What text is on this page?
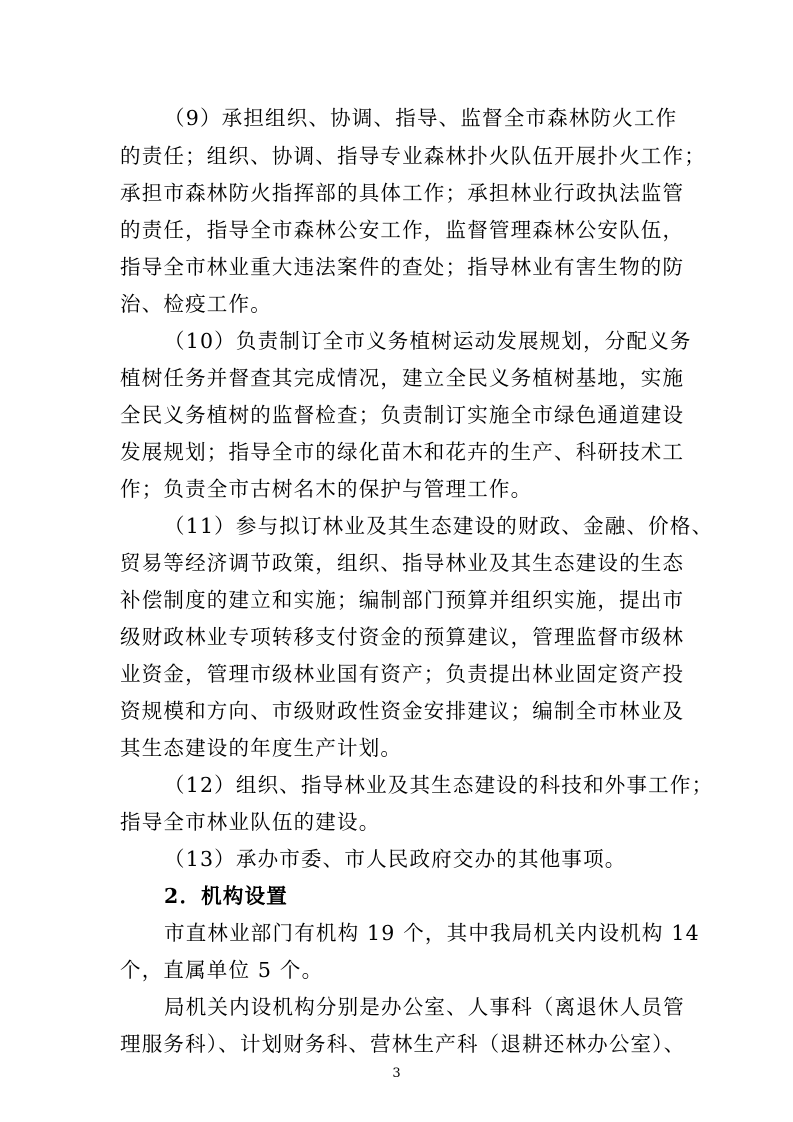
（9）承担组织、协调、指导、监督全市森林防火工作
的责任；组织、协调、指导专业森林扑火队伍开展扑火工作；
承担市森林防火指挥部的具体工作；承担林业行政执法监管
的责任，指导全市森林公安工作，监督管理森林公安队伍，
指导全市林业重大违法案件的查处；指导林业有害生物的防
治、检疫工作。
（10）负责制订全市义务植树运动发展规划，分配义务
植树任务并督查其完成情况，建立全民义务植树基地，实施
全民义务植树的监督检查；负责制订实施全市绿色通道建设
发展规划；指导全市的绿化苗木和花卉的生产、科研技术工
作；负责全市古树名木的保护与管理工作。
（11）参与拟订林业及其生态建设的财政、金融、价格、
贸易等经济调节政策，组织、指导林业及其生态建设的生态
补偿制度的建立和实施；编制部门预算并组织实施，提出市
级财政林业专项转移支付资金的预算建议，管理监督市级林
业资金，管理市级林业国有资产；负责提出林业固定资产投
资规模和方向、市级财政性资金安排建议；编制全市林业及
其生态建设的年度生产计划。
（12）组织、指导林业及其生态建设的科技和外事工作；
指导全市林业队伍的建设。
（13）承办市委、市人民政府交办的其他事项。
2．机构设置
市直林业部门有机构 19 个，其中我局机关内设机构 14
个，直属单位 5 个。
局机关内设机构分别是办公室、人事科（离退休人员管
理服务科）、计划财务科、营林生产科（退耕还林办公室）、
3
